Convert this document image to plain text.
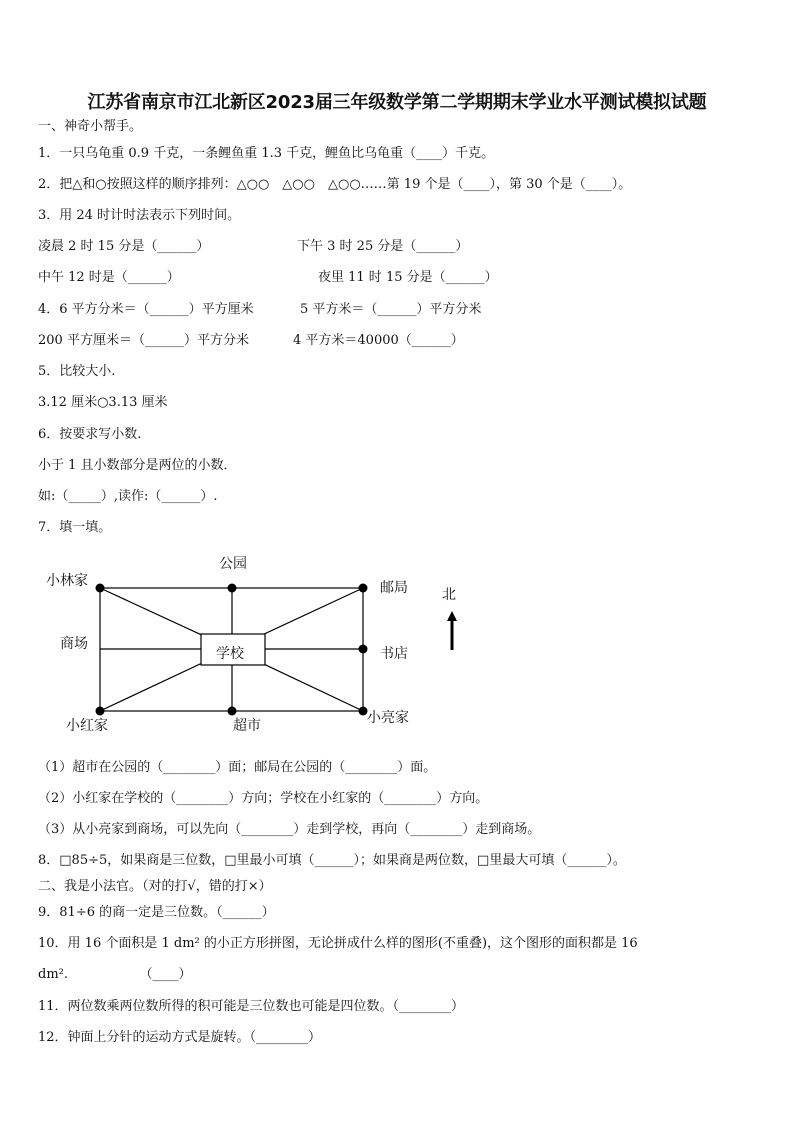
江苏省南京市江北新区2023届三年级数学第二学期期末学业水平测试模拟试题
一、神奇小帮手。
1．一只乌龟重 0.9 千克，一条鲤鱼重 1.3 千克，鲤鱼比乌龟重（____）千克。
2．把△和○按照这样的顺序排列：△○○　△○○　△○○……第 19 个是（____），第 30 个是（____）。
3．用 24 时计时法表示下列时间。
凌晨 2 时 15 分是（______）	下午 3 时 25 分是（______）
中午 12 时是（______）	夜里 11 时 15 分是（______）
4．6 平方分米＝（______）平方厘米	5 平方米＝（______）平方分米
200 平方厘米＝（______）平方分米	4 平方米＝40000（______）
5．比较大小.
3.12 厘米○3.13 厘米
6．按要求写小数.
小于 1 且小数部分是两位的小数．
如:（_____）,读作:（______）.
7．填一填。
小林家
公园
邮局
商场
学校	书店
小红家	超市	小亮家
北
（1）超市在公园的（________）面；邮局在公园的（________）面。
（2）小红家在学校的（________）方向；学校在小红家的（________）方向。
（3）从小亮家到商场，可以先向（________）走到学校，再向（________）走到商场。
8．□85÷5，如果商是三位数，□里最小可填（______）；如果商是两位数，□里最大可填（______）。
二、我是小法官。（对的打√，错的打×）
9．81÷6 的商一定是三位数。（______）
10．用 16 个面积是 1 dm² 的小正方形拼图，无论拼成什么样的图形(不重叠)，这个图形的面积都是 16
dm².　　　　　　（____）
11．两位数乘两位数所得的积可能是三位数也可能是四位数。（________）
12．钟面上分针的运动方式是旋转。（________）
